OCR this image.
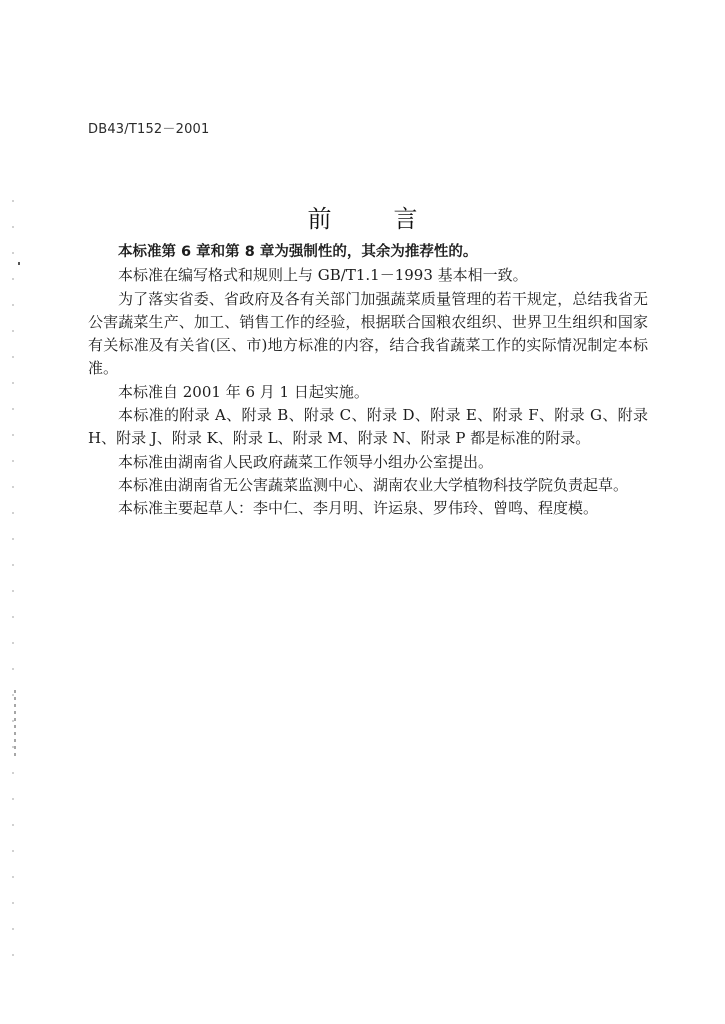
DB43/T152－2001
前	言

本标准第 6 章和第 8 章为强制性的，其余为推荐性的。

本标准在编写格式和规则上与 GB/T1.1－1993 基本相一致。

为了落实省委、省政府及各有关部门加强蔬菜质量管理的若干规定，总结我省无公害蔬菜生产、加工、销售工作的经验，根据联合国粮农组织、世界卫生组织和国家有关标准及有关省(区、市)地方标准的内容，结合我省蔬菜工作的实际情况制定本标准。

本标准自 2001 年 6 月 1 日起实施。

本标准的附录 A、附录 B、附录 C、附录 D、附录 E、附录 F、附录 G、附录 H、附录 J、附录 K、附录 L、附录 M、附录 N、附录 P 都是标准的附录。

本标准由湖南省人民政府蔬菜工作领导小组办公室提出。

本标准由湖南省无公害蔬菜监测中心、湖南农业大学植物科技学院负责起草。

本标准主要起草人：李中仁、李月明、许运泉、罗伟玲、曾鸣、程度模。
